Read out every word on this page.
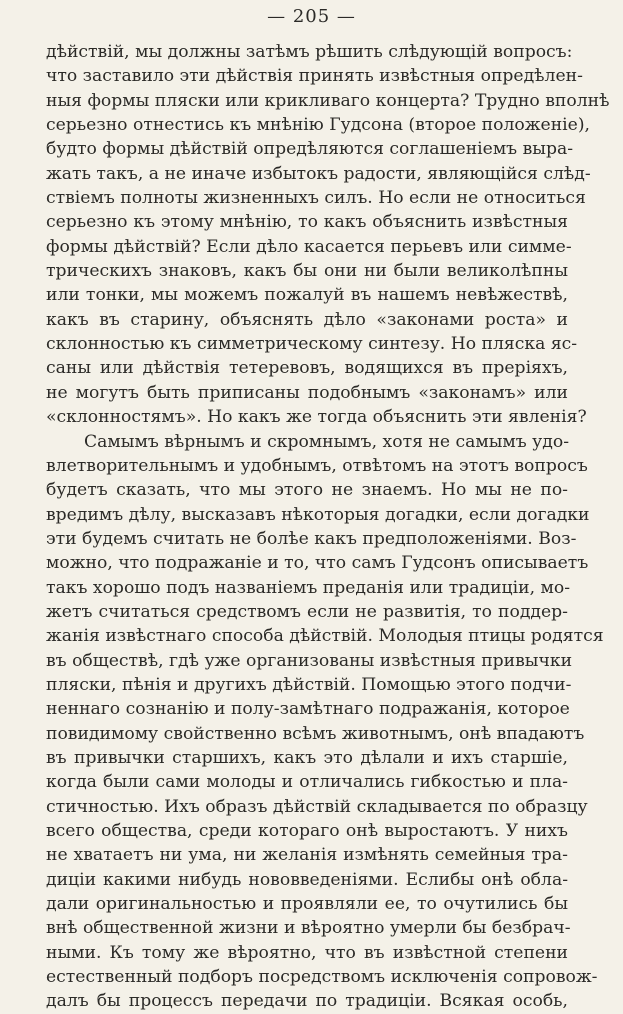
— 205 —
дѣйствій, мы должны затѣмъ рѣшить слѣдующій вопросъ:
что заставило эти дѣйствія принять извѣстныя опредѣлен-
ныя формы пляски или крикливаго концерта? Трудно вполнѣ
серьезно отнестись къ мнѣнію Гудсона (второе положеніе),
будто формы дѣйствій опредѣляются соглашеніемъ выра-
жать такъ, а не иначе избытокъ радости, являющійся слѣд-
ствіемъ полноты жизненныхъ силъ. Но если не относиться
серьезно къ этому мнѣнію, то какъ объяснить извѣстныя
формы дѣйствій? Если дѣло касается перьевъ или симме-
трическихъ знаковъ, какъ бы они ни были великолѣпны
или тонки, мы можемъ пожалуй въ нашемъ невѣжествѣ,
какъ въ старину, объяснять дѣло «законами роста» и
склонностью къ симметрическому синтезу. Но пляска яс-
саны или дѣйствія тетеревовъ, водящихся въ преріяхъ,
не могутъ быть приписаны подобнымъ «законамъ» или
«склонностямъ». Но какъ же тогда объяснить эти явленія?
Самымъ вѣрнымъ и скромнымъ, хотя не самымъ удо-
влетворительнымъ и удобнымъ, отвѣтомъ на этотъ вопросъ
будетъ сказать, что мы этого не знаемъ. Но мы не по-
вредимъ дѣлу, высказавъ нѣкоторыя догадки, если догадки
эти будемъ считать не болѣе какъ предположеніями. Воз-
можно, что подражаніе и то, что самъ Гудсонъ описываетъ
такъ хорошо подъ названіемъ преданія или традиціи, мо-
жетъ считаться средствомъ если не развитія, то поддер-
жанія извѣстнаго способа дѣйствій. Молодыя птицы родятся
въ обществѣ, гдѣ уже организованы извѣстныя привычки
пляски, пѣнія и другихъ дѣйствій. Помощью этого подчи-
неннаго сознанію и полу-замѣтнаго подражанія, которое
повидимому свойственно всѣмъ животнымъ, онѣ впадаютъ
въ привычки старшихъ, какъ это дѣлали и ихъ старшіе,
когда были сами молоды и отличались гибкостью и пла-
стичностью. Ихъ образъ дѣйствій складывается по образцу
всего общества, среди котораго онѣ выростаютъ. У нихъ
не хватаетъ ни ума, ни желанія измѣнять семейныя тра-
диціи какими нибудь нововведеніями. Еслибы онѣ обла-
дали оригинальностью и проявляли ее, то очутились бы
внѣ общественной жизни и вѣроятно умерли бы безбрач-
ными. Къ тому же вѣроятно, что въ извѣстной степени
естественный подборъ посредствомъ исключенія сопровож-
далъ бы процессъ передачи по традиціи. Всякая особь,
